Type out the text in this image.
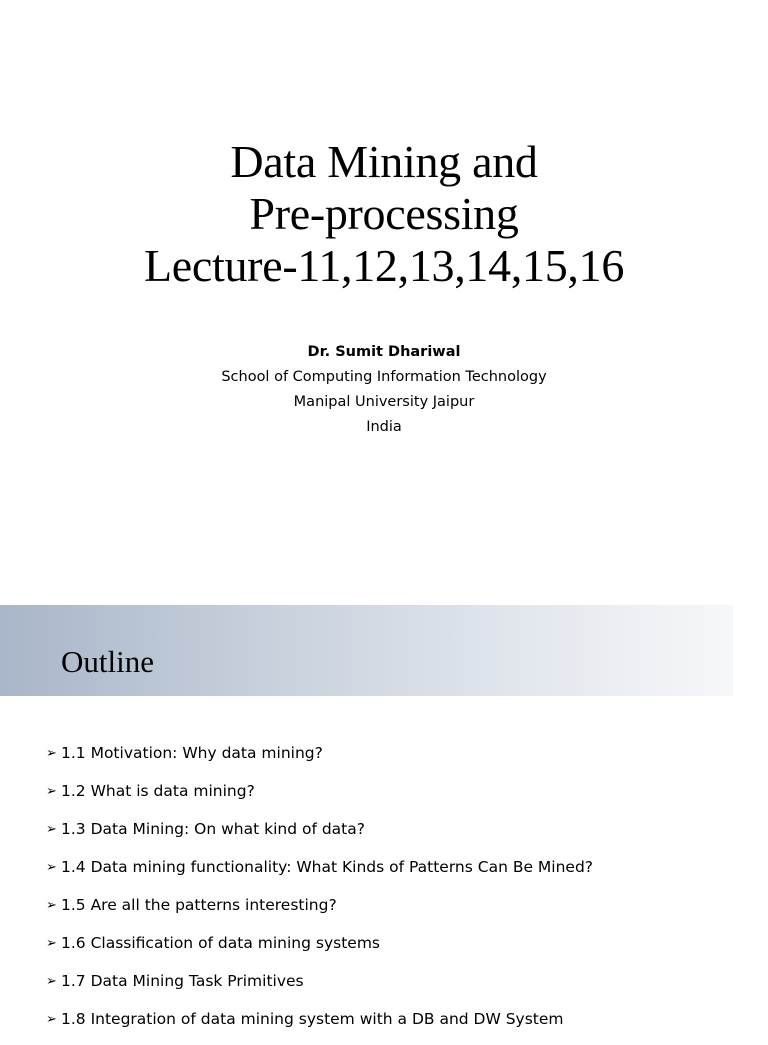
Data Mining and
Pre-processing
Lecture-11,12,13,14,15,16
Dr. Sumit Dhariwal
School of Computing Information Technology
Manipal University Jaipur
India
Outline
➢ 1.1 Motivation: Why data mining?
➢ 1.2 What is data mining?
➢ 1.3 Data Mining: On what kind of data?
➢ 1.4 Data mining functionality: What Kinds of Patterns Can Be Mined?
➢ 1.5 Are all the patterns interesting?
➢ 1.6 Classification of data mining systems
➢ 1.7 Data Mining Task Primitives
➢ 1.8 Integration of data mining system with a DB and DW System
